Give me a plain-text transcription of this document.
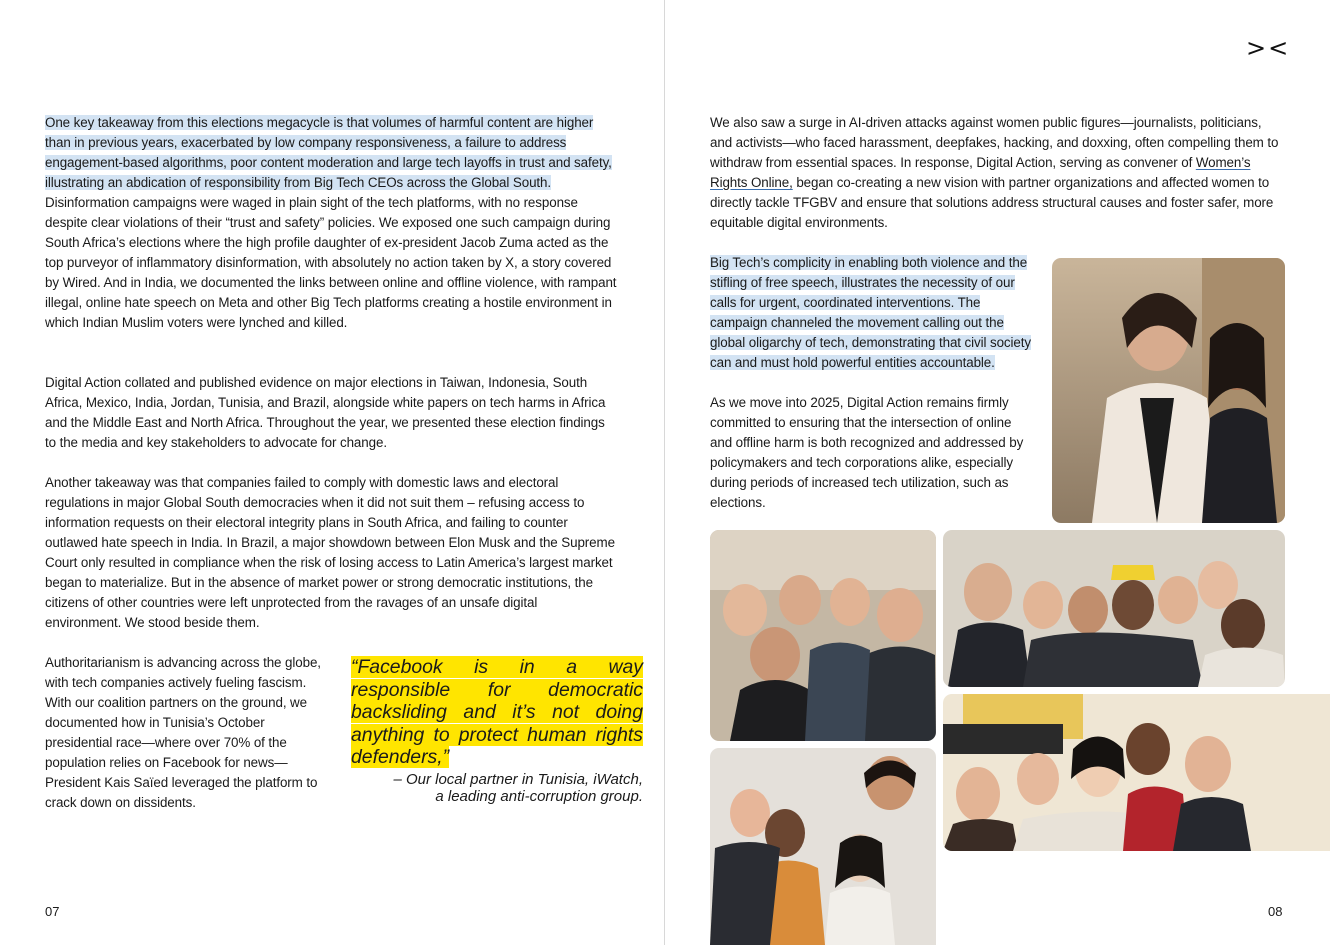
One key takeaway from this elections megacycle is that volumes of harmful content are higher than in previous years, exacerbated by low company responsiveness, a failure to address engagement-based algorithms, poor content moderation and large tech layoffs in trust and safety, illustrating an abdication of responsibility from Big Tech CEOs across the Global South. Disinformation campaigns were waged in plain sight of the tech platforms, with no response despite clear violations of their “trust and safety” policies. We exposed one such campaign during South Africa’s elections where the high profile daughter of ex-president Jacob Zuma acted as the top purveyor of inflammatory disinformation, with absolutely no action taken by X, a story covered by Wired. And in India, we documented the links between online and offline violence, with rampant illegal, online hate speech on Meta and other Big Tech platforms creating a hostile environment in which Indian Muslim voters were lynched and killed.
Digital Action collated and published evidence on major elections in Taiwan, Indonesia, South Africa, Mexico, India, Jordan, Tunisia, and Brazil, alongside white papers on tech harms in Africa and the Middle East and North Africa. Throughout the year, we presented these election findings to the media and key stakeholders to advocate for change.
Another takeaway was that companies failed to comply with domestic laws and electoral regulations in major Global South democracies when it did not suit them – refusing access to information requests on their electoral integrity plans in South Africa, and failing to counter outlawed hate speech in India. In Brazil, a major showdown between Elon Musk and the Supreme Court only resulted in compliance when the risk of losing access to Latin America’s largest market began to materialize. But in the absence of market power or strong democratic institutions, the citizens of other countries were left unprotected from the ravages of an unsafe digital environment. We stood beside them.
Authoritarianism is advancing across the globe, with tech companies actively fueling fascism. With our coalition partners on the ground, we documented how in Tunisia’s October presidential race—where over 70% of the population relies on Facebook for news—President Kais Saïed leveraged the platform to crack down on dissidents.
“Facebook is in a way responsible for democratic backsliding and it’s not doing anything to protect human rights defenders,”
– Our local partner in Tunisia, iWatch,
a leading anti-corruption group.
07
><
We also saw a surge in AI-driven attacks against women public figures—journalists, politicians, and activists—who faced harassment, deepfakes, hacking, and doxxing, often compelling them to withdraw from essential spaces. In response, Digital Action, serving as convener of Women’s Rights Online, began co-creating a new vision with partner organizations and affected women to directly tackle TFGBV and ensure that solutions address structural causes and foster safer, more equitable digital environments.
Big Tech’s complicity in enabling both violence and the stifling of free speech, illustrates the necessity of our calls for urgent, coordinated interventions. The campaign channeled the movement calling out the global oligarchy of tech, demonstrating that civil society can and must hold powerful entities accountable.
As we move into 2025, Digital Action remains firmly committed to ensuring that the intersection of online and offline harm is both recognized and addressed by policymakers and tech corporations alike, especially during periods of increased tech utilization, such as elections.
08
